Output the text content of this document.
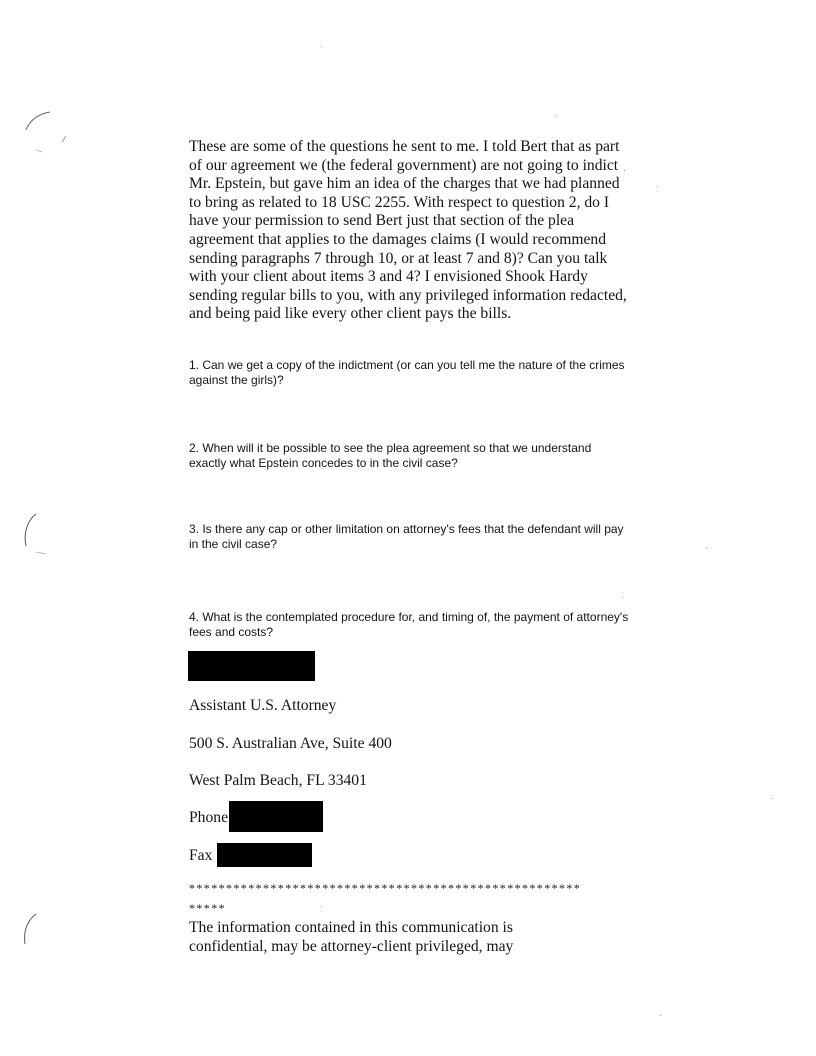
These are some of the questions he sent to me. I told Bert that as part of our agreement we (the federal government) are not going to indict Mr. Epstein, but gave him an idea of the charges that we had planned to bring as related to 18 USC 2255. With respect to question 2, do I have your permission to send Bert just that section of the plea agreement that applies to the damages claims (I would recommend sending paragraphs 7 through 10, or at least 7 and 8)? Can you talk with your client about items 3 and 4? I envisioned Shook Hardy sending regular bills to you, with any privileged information redacted, and being paid like every other client pays the bills.

1. Can we get a copy of the indictment (or can you tell me the nature of the crimes against the girls)?

2. When will it be possible to see the plea agreement so that we understand exactly what Epstein concedes to in the civil case?

3. Is there any cap or other limitation on attorney's fees that the defendant will pay in the civil case?

4. What is the contemplated procedure for, and timing of, the payment of attorney's fees and costs?

Assistant U.S. Attorney

500 S. Australian Ave, Suite 400

West Palm Beach, FL 33401

Phone

Fax

*****************************************************

*****

The information contained in this communication is confidential, may be attorney-client privileged, may
